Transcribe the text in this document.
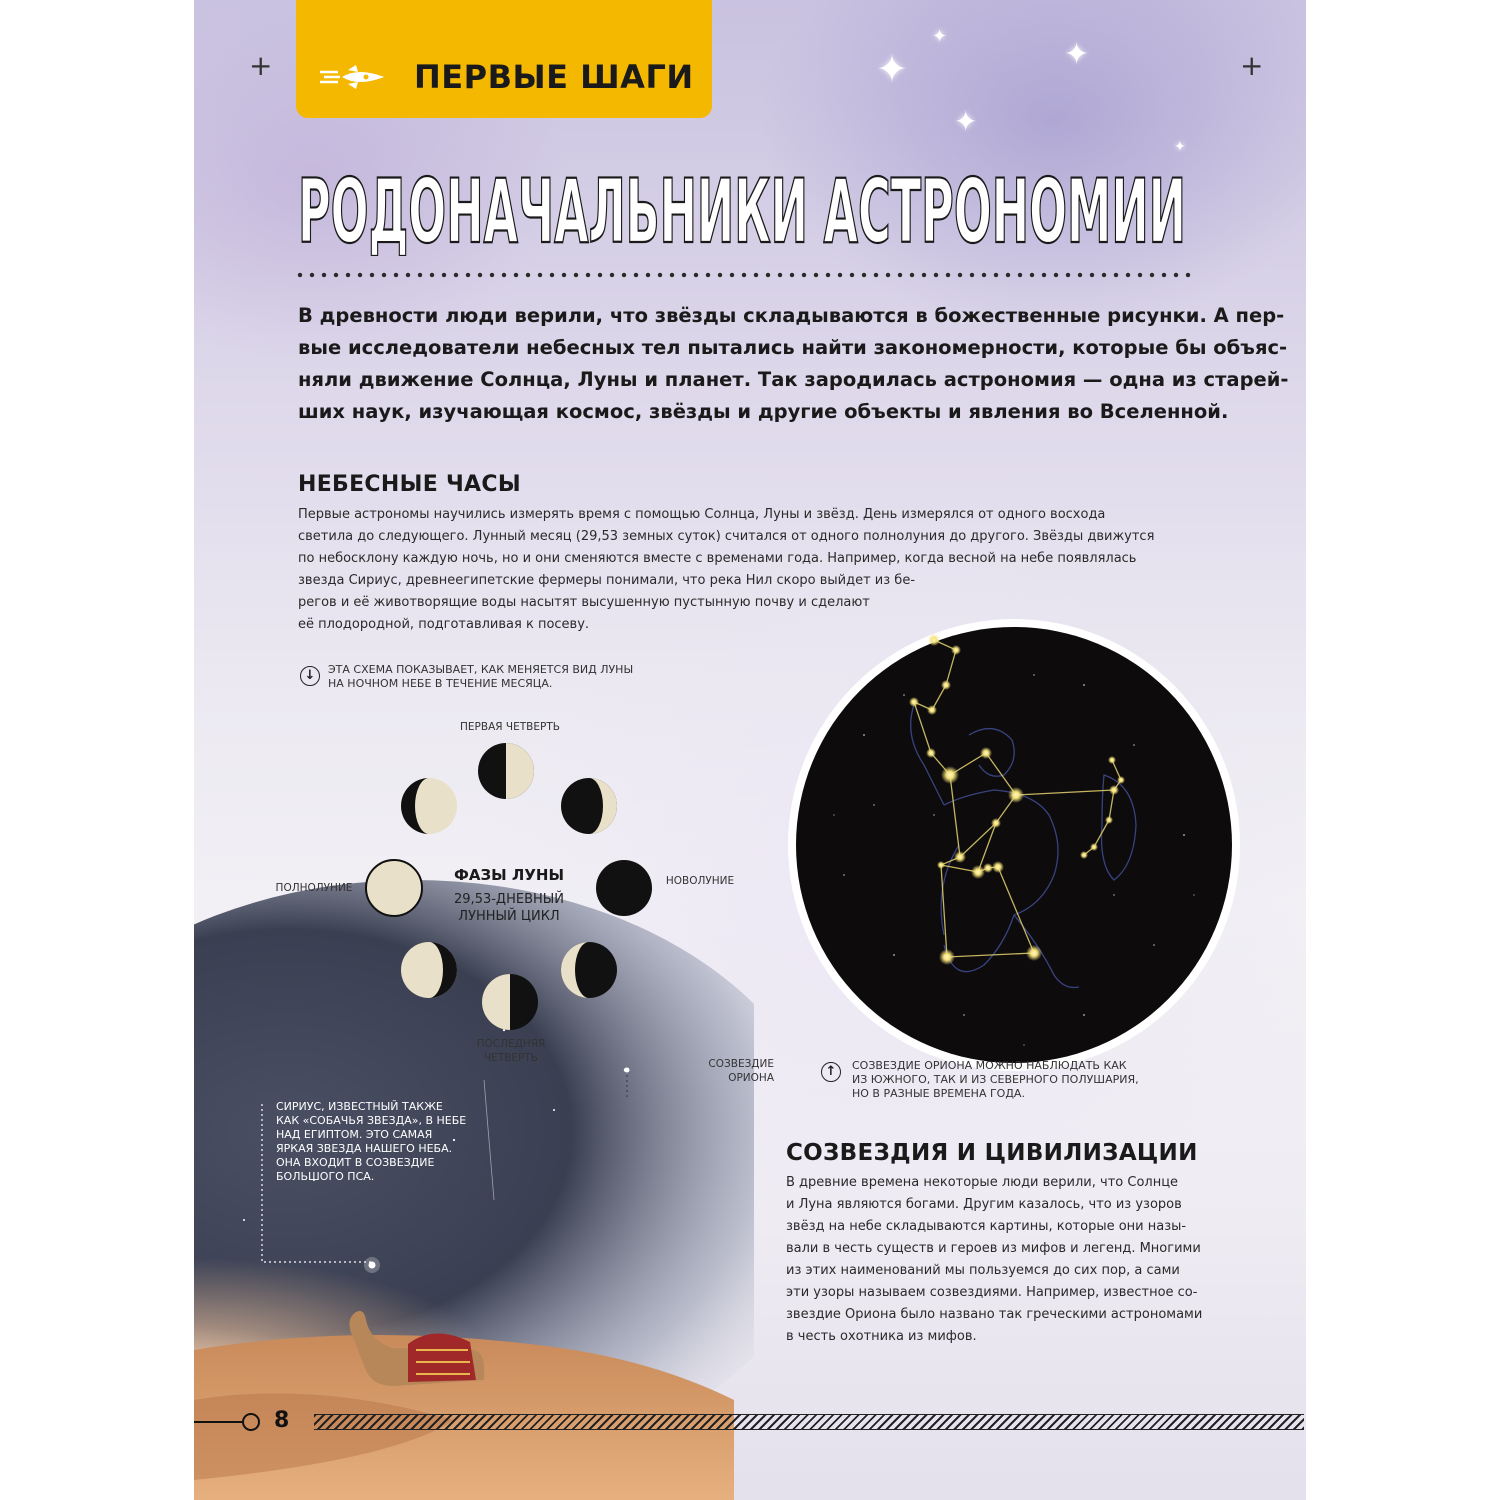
+	+
✦
✦
✦
✦
✦
ПЕРВЫЕ ШАГИ
РОДОНАЧАЛЬНИКИ АСТРОНОМИИ
В древности люди верили, что звёзды складываются в божественные рисунки. А пер-
вые исследователи небесных тел пытались найти закономерности, которые бы объяс-
няли движение Солнца, Луны и планет. Так зародилась астрономия — одна из старей-
ших наук, изучающая космос, звёзды и другие объекты и явления во Вселенной.
НЕБЕСНЫЕ ЧАСЫ
Первые астрономы научились измерять время с помощью Солнца, Луны и звёзд. День измерялся от одного восхода
светила до следующего. Лунный месяц (29,53 земных суток) считался от одного полнолуния до другого. Звёзды движутся
по небосклону каждую ночь, но и они сменяются вместе с временами года. Например, когда весной на небе появлялась
звезда Сириус, древнеегипетские фермеры понимали, что река Нил скоро выйдет из бе-
регов и её животворящие воды насытят высушенную пустынную почву и сделают
её плодородной, подготавливая к посеву.
↓	ЭТА СХЕМА ПОКАЗЫВАЕТ, КАК МЕНЯЕТСЯ ВИД ЛУНЫ
НА НОЧНОМ НЕБЕ В ТЕЧЕНИЕ МЕСЯЦА.
ПЕРВАЯ ЧЕТВЕРТЬ
ПОЛНОЛУНИЕ
НОВОЛУНИЕ
ПОСЛЕДНЯЯ
ЧЕТВЕРТЬ
ФАЗЫ ЛУНЫ
29,53-ДНЕВНЫЙ
ЛУННЫЙ ЦИКЛ
СОЗВЕЗДИЕ
ОРИОНА	↑	СОЗВЕЗДИЕ ОРИОНА МОЖНО НАБЛЮДАТЬ КАК
ИЗ ЮЖНОГО, ТАК И ИЗ СЕВЕРНОГО ПОЛУШАРИЯ,
НО В РАЗНЫЕ ВРЕМЕНА ГОДА.
СИРИУС, ИЗВЕСТНЫЙ ТАКЖЕ
КАК «СОБАЧЬЯ ЗВЕЗДА», В НЕБЕ
НАД ЕГИПТОМ. ЭТО САМАЯ
ЯРКАЯ ЗВЕЗДА НАШЕГО НЕБА.
ОНА ВХОДИТ В СОЗВЕЗДИЕ
БОЛЬШОГО ПСА.
СОЗВЕЗДИЯ И ЦИВИЛИЗАЦИИ
В древние времена некоторые люди верили, что Солнце
и Луна являются богами. Другим казалось, что из узоров
звёзд на небе складываются картины, которые они назы-
вали в честь существ и героев из мифов и легенд. Многими
из этих наименований мы пользуемся до сих пор, а сами
эти узоры называем созвездиями. Например, известное со-
звездие Ориона было названо так греческими астрономами
в честь охотника из мифов.
8
